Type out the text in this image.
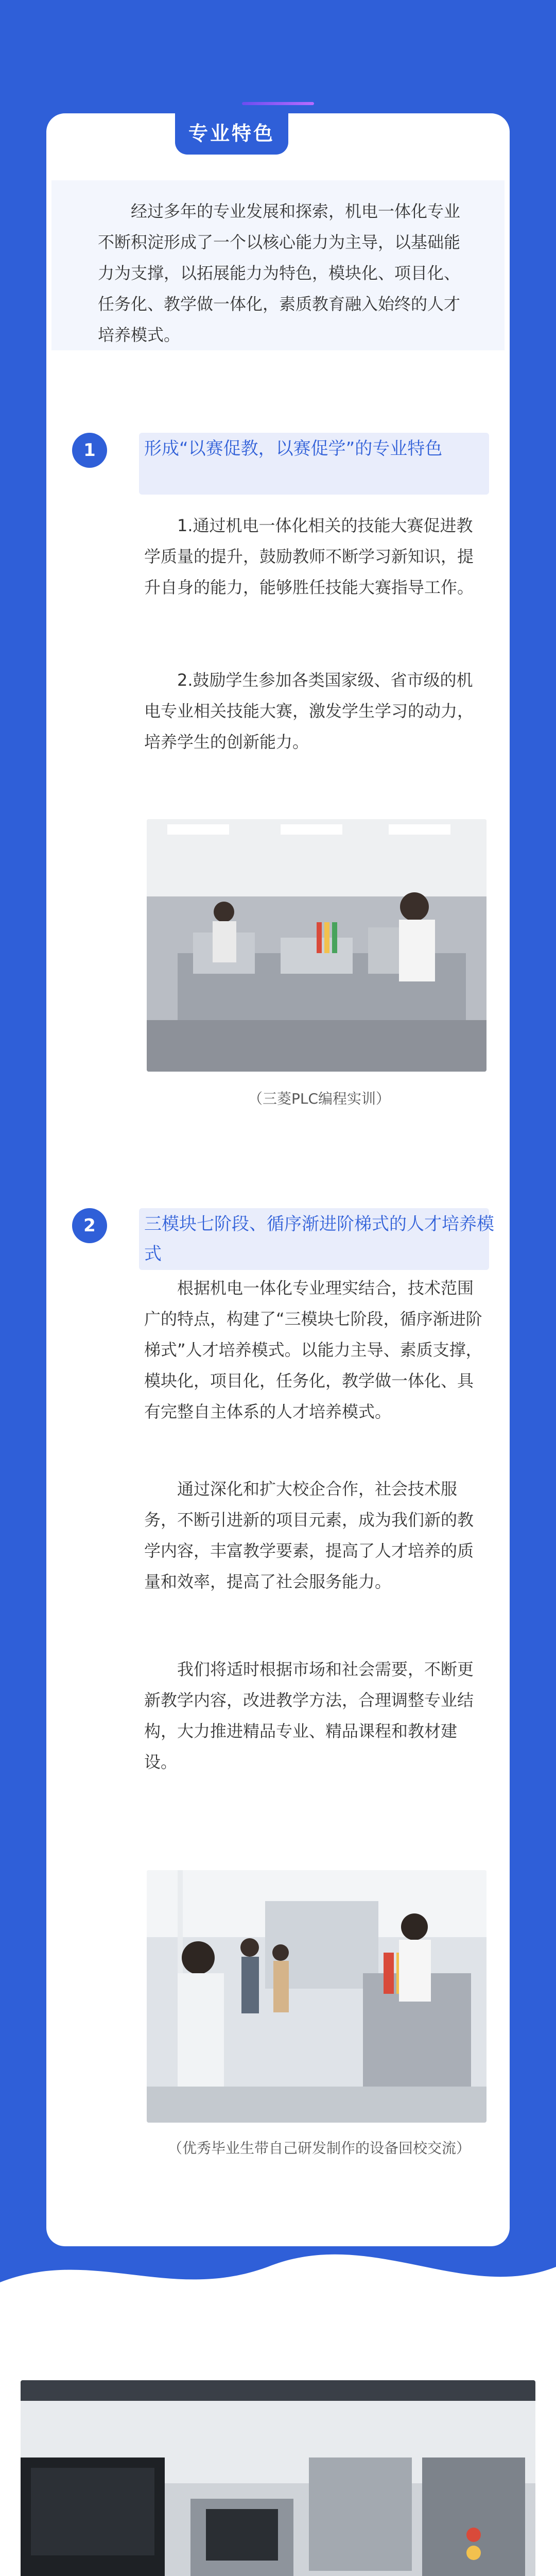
专业特色
经过多年的专业发展和探索，机电一体化专业不断积淀形成了一个以核心能力为主导，以基础能力为支撑，以拓展能力为特色，模块化、项目化、任务化、教学做一体化，素质教育融入始终的人才培养模式。
1	形成“以赛促教，以赛促学”的专业特色
1.通过机电一体化相关的技能大赛促进教学质量的提升，鼓励教师不断学习新知识，提升自身的能力，能够胜任技能大赛指导工作。
2.鼓励学生参加各类国家级、省市级的机电专业相关技能大赛，激发学生学习的动力，培养学生的创新能力。
（三菱PLC编程实训）
2	三模块七阶段、循序渐进阶梯式的人才培养模式
根据机电一体化专业理实结合，技术范围广的特点，构建了“三模块七阶段，循序渐进阶梯式”人才培养模式。以能力主导、素质支撑，模块化，项目化，任务化，教学做一体化、具有完整自主体系的人才培养模式。
通过深化和扩大校企合作，社会技术服务，不断引进新的项目元素，成为我们新的教学内容，丰富教学要素，提高了人才培养的质量和效率，提高了社会服务能力。
我们将适时根据市场和社会需要，不断更新教学内容，改进教学方法，合理调整专业结构，大力推进精品专业、精品课程和教材建设。
（优秀毕业生带自己研发制作的设备回校交流）
